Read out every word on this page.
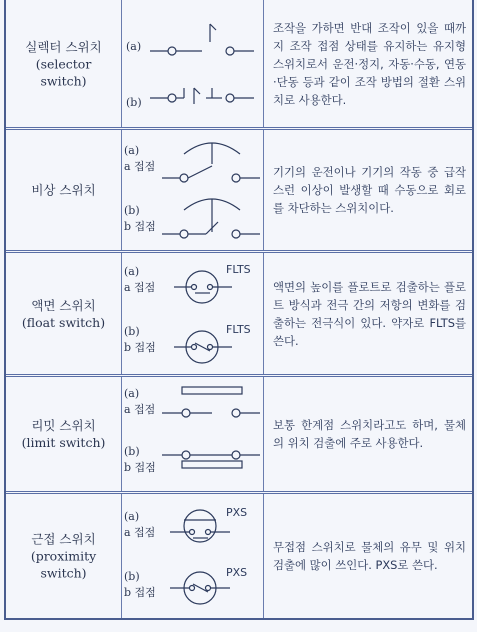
실렉터 스위치
(selector
switch)
(a)
(b)
조작을 가하면 반대 조작이 있을 때까지 조작 접점 상태를 유지하는 유지형 스위치로서 운전·정지, 자동·수동, 연동·단동 등과 같이 조작 방법의 절환 스위치로 사용한다.
비상 스위치
(a)
a 접점
(b)
b 접점
기기의 운전이나 기기의 작동 중 급작스런 이상이 발생할 때 수동으로 회로를 차단하는 스위치이다.
액면 스위치
(float switch)
(a)
a 접점
(b)
b 접점
FLTS
FLTS
액면의 높이를 플로트로 검출하는 플로트 방식과 전극 간의 저항의 변화를 검출하는 전극식이 있다. 약자로 FLTS를 쓴다.
리밋 스위치
(limit switch)
(a)
a 접점
(b)
b 접점
보통 한계점 스위치라고도 하며, 물체의 위치 검출에 주로 사용한다.
근접 스위치
(proximity
switch)
(a)
a 접점
(b)
b 접점
PXS
PXS
무접점 스위치로 물체의 유무 및 위치 검출에 많이 쓰인다. PXS로 쓴다.
